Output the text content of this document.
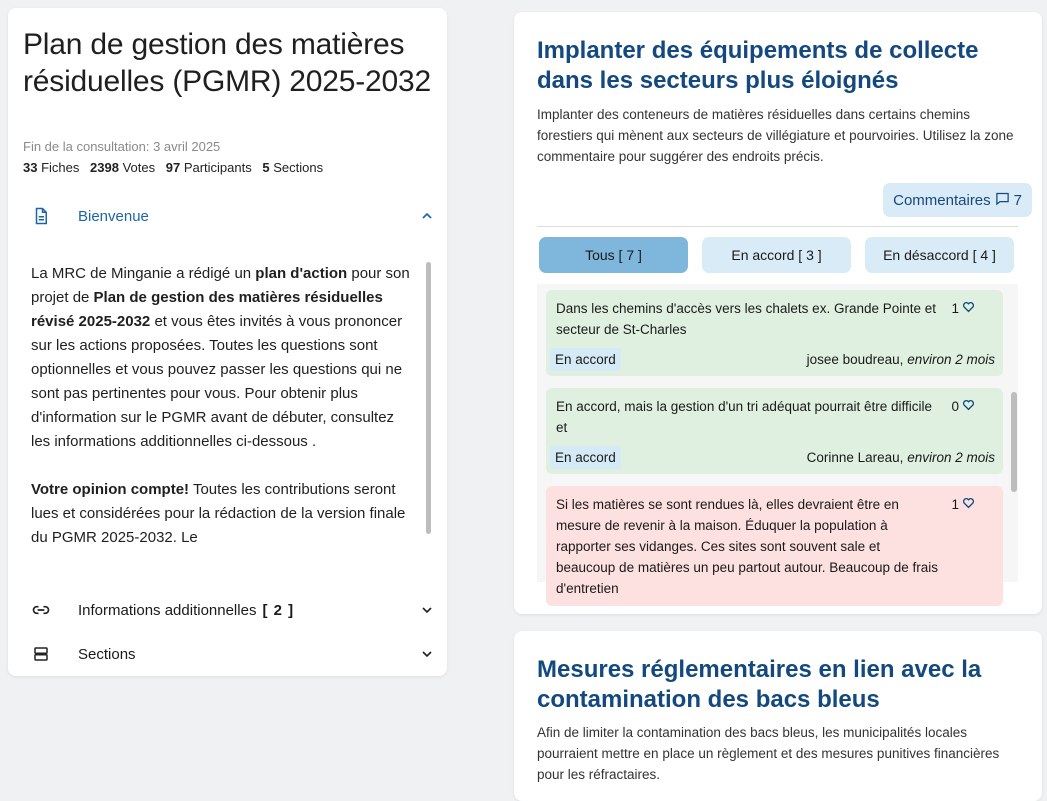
Plan de gestion des matières résiduelles (PGMR) 2025-2032
Fin de la consultation: 3 avril 2025
33 Fiches 2398 Votes 97 Participants 5 Sections
Bienvenue

La MRC de Minganie a rédigé un plan d'action pour son projet de Plan de gestion des matières résiduelles révisé 2025-2032 et vous êtes invités à vous prononcer sur les actions proposées. Toutes les questions sont optionnelles et vous pouvez passer les questions qui ne sont pas pertinentes pour vous. Pour obtenir plus d'information sur le PGMR avant de débuter, consultez les informations additionnelles ci-dessous .

Votre opinion compte! Toutes les contributions seront lues et considérées pour la rédaction de la version finale du PGMR 2025-2032. Le

Informations additionnelles [ 2 ]
Sections
Implanter des équipements de collecte dans les secteurs plus éloignés

Implanter des conteneurs de matières résiduelles dans certains chemins forestiers qui mènent aux secteurs de villégiature et pourvoiries. Utilisez la zone commentaire pour suggérer des endroits précis.

Commentaires 7
Tous [ 7 ]	En accord [ 3 ]	En désaccord [ 4 ]
Dans les chemins d'accès vers les chalets ex. Grande Pointe et secteur de St-Charles
1
En accord	josee boudreau, environ 2 mois
En accord, mais la gestion d'un tri adéquat pourrait être difficile et
0
En accord	Corinne Lareau, environ 2 mois
Si les matières se sont rendues là, elles devraient être en mesure de revenir à la maison. Éduquer la population à rapporter ses vidanges. Ces sites sont souvent sale et beaucoup de matières un peu partout autour. Beaucoup de frais d'entretien
1
Mesures réglementaires en lien avec la contamination des bacs bleus

Afin de limiter la contamination des bacs bleus, les municipalités locales pourraient mettre en place un règlement et des mesures punitives financières pour les réfractaires.
